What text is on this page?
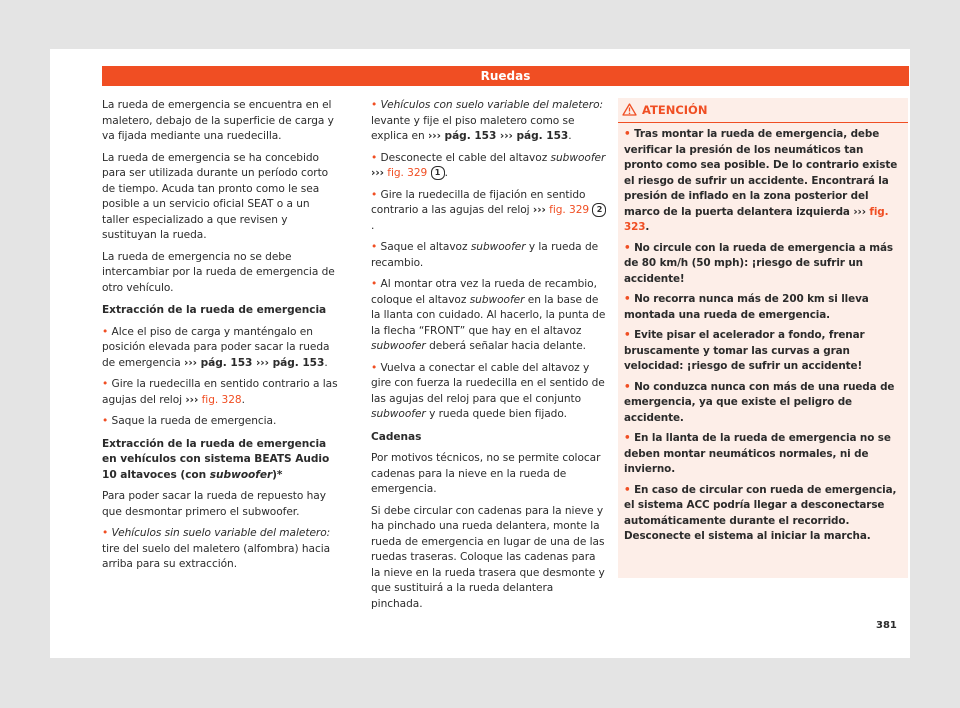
Ruedas

La rueda de emergencia se encuentra en el maletero, debajo de la superficie de carga y va fijada mediante una ruedecilla.

La rueda de emergencia se ha concebido para ser utilizada durante un período corto de tiempo. Acuda tan pronto como le sea posible a un servicio oficial SEAT o a un taller especializado a que revisen y sustituyan la rueda.

La rueda de emergencia no se debe intercambiar por la rueda de emergencia de otro vehículo.

Extracción de la rueda de emergencia

• Alce el piso de carga y manténgalo en posición elevada para poder sacar la rueda de emergencia ››› pág. 153 ››› pág. 153.

• Gire la ruedecilla en sentido contrario a las agujas del reloj ››› fig. 328.

• Saque la rueda de emergencia.

Extracción de la rueda de emergencia en vehículos con sistema BEATS Audio 10 altavoces (con subwoofer)*

Para poder sacar la rueda de repuesto hay que desmontar primero el subwoofer.

• Vehículos sin suelo variable del maletero: tire del suelo del maletero (alfombra) hacia arriba para su extracción.

• Vehículos con suelo variable del maletero: levante y fije el piso maletero como se explica en ››› pág. 153 ››› pág. 153.

• Desconecte el cable del altavoz subwoofer ››› fig. 329 1 .

• Gire la ruedecilla de fijación en sentido contrario a las agujas del reloj ››› fig. 329 2.

• Saque el altavoz subwoofer y la rueda de recambio.

• Al montar otra vez la rueda de recambio, coloque el altavoz subwoofer en la base de la llanta con cuidado. Al hacerlo, la punta de la flecha “FRONT” que hay en el altavoz subwoofer deberá señalar hacia delante.

• Vuelva a conectar el cable del altavoz y gire con fuerza la ruedecilla en el sentido de las agujas del reloj para que el conjunto subwoofer y rueda quede bien fijado.

Cadenas

Por motivos técnicos, no se permite colocar cadenas para la nieve en la rueda de emergencia.

Si debe circular con cadenas para la nieve y ha pinchado una rueda delantera, monte la rueda de emergencia en lugar de una de las ruedas traseras. Coloque las cadenas para la nieve en la rueda trasera que desmonte y que sustituirá a la rueda delantera pinchada.

ATENCIÓN

• Tras montar la rueda de emergencia, debe verificar la presión de los neumáticos tan pronto como sea posible. De lo contrario existe el riesgo de sufrir un accidente. Encontrará la presión de inflado en la zona posterior del marco de la puerta delantera izquierda ››› fig. 323.

• No circule con la rueda de emergencia a más de 80 km/h (50 mph): ¡riesgo de sufrir un accidente!

• No recorra nunca más de 200 km si lleva montada una rueda de emergencia.

• Evite pisar el acelerador a fondo, frenar bruscamente y tomar las curvas a gran velocidad: ¡riesgo de sufrir un accidente!

• No conduzca nunca con más de una rueda de emergencia, ya que existe el peligro de accidente.

• En la llanta de la rueda de emergencia no se deben montar neumáticos normales, ni de invierno.

• En caso de circular con rueda de emergencia, el sistema ACC podría llegar a desconectarse automáticamente durante el recorrido. Desconecte el sistema al iniciar la marcha.

381
